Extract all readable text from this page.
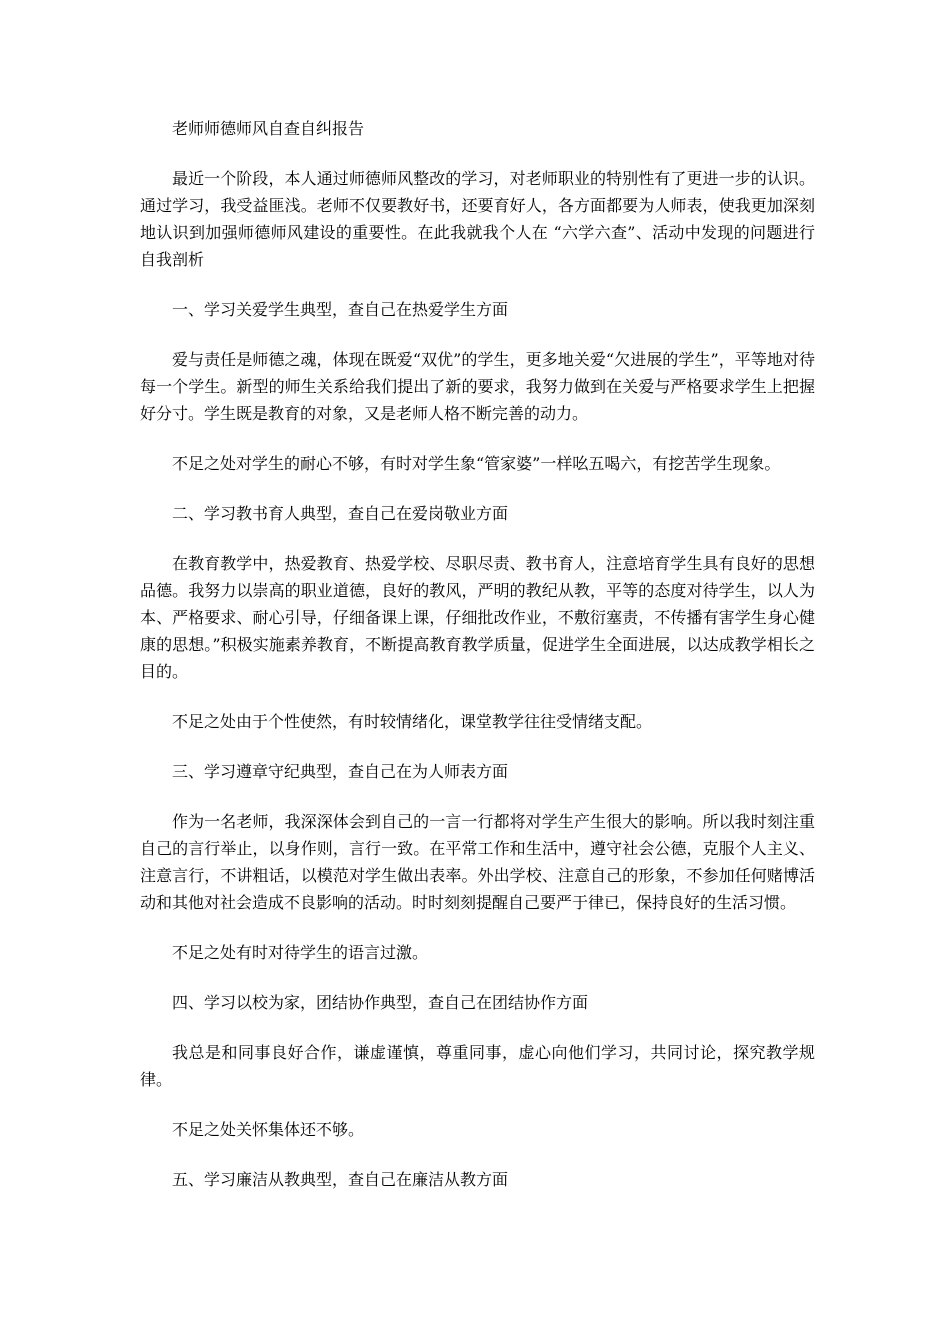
老师师德师风自查自纠报告

最近一个阶段，本人通过师德师风整改的学习，对老师职业的特别性有了更进一步的认识。通过学习，我受益匪浅。老师不仅要教好书，还要育好人，各方面都要为人师表，使我更加深刻地认识到加强师德师风建设的重要性。在此我就我个人在 “六学六查”、活动中发现的问题进行自我剖析

一、学习关爱学生典型，查自己在热爱学生方面

爱与责任是师德之魂，体现在既爱“双优”的学生，更多地关爱“欠进展的学生”，平等地对待每一个学生。新型的师生关系给我们提出了新的要求，我努力做到在关爱与严格要求学生上把握好分寸。学生既是教育的对象，又是老师人格不断完善的动力。

不足之处对学生的耐心不够，有时对学生象“管家婆”一样吆五喝六，有挖苦学生现象。

二、学习教书育人典型，查自己在爱岗敬业方面

在教育教学中，热爱教育、热爱学校、尽职尽责、教书育人，注意培育学生具有良好的思想品德。我努力以崇高的职业道德，良好的教风，严明的教纪从教，平等的态度对待学生，以人为本、严格要求、耐心引导，仔细备课上课，仔细批改作业，不敷衍塞责，不传播有害学生身心健康的思想。”积极实施素养教育，不断提高教育教学质量，促进学生全面进展，以达成教学相长之目的。

不足之处由于个性使然，有时较情绪化，课堂教学往往受情绪支配。

三、学习遵章守纪典型，查自己在为人师表方面

作为一名老师，我深深体会到自己的一言一行都将对学生产生很大的影响。所以我时刻注重自己的言行举止，以身作则，言行一致。在平常工作和生活中，遵守社会公德，克服个人主义、注意言行，不讲粗话，以模范对学生做出表率。外出学校、注意自己的形象，不参加任何赌博活动和其他对社会造成不良影响的活动。时时刻刻提醒自己要严于律已，保持良好的生活习惯。

不足之处有时对待学生的语言过激。

四、学习以校为家，团结协作典型，查自己在团结协作方面

我总是和同事良好合作，谦虚谨慎，尊重同事，虚心向他们学习，共同讨论，探究教学规律。

不足之处关怀集体还不够。

五、学习廉洁从教典型，查自己在廉洁从教方面
